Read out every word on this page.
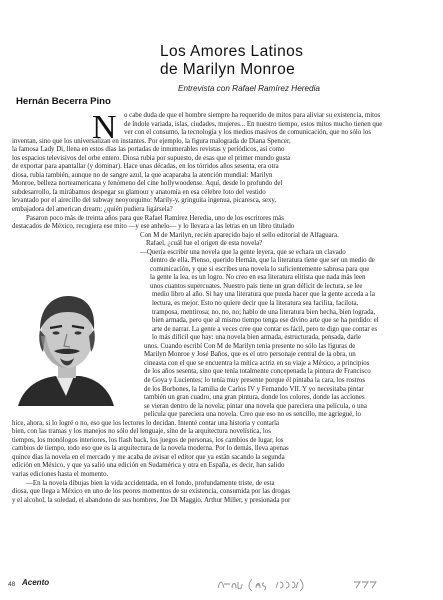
Los Amores Latinos
de Marilyn Monroe
Entrevista con Rafael Ramírez Heredia
Hernán Becerra Pino
N	o cabe duda de que el hombre siempre ha requerido de mitos para aliviar su existencia, mitos
de índole variada, islas, ciudades, mujeres... En nuestro tiempo, estos mitos mucho tienen que
ver con el consumo, la tecnología y los medios masivos de comunicación, que no sólo los
inventan, sino que los universalizan en instantes. Por ejemplo, la figura malograda de Diana Spencer,
la famosa Lady Di, llena en estos días las portadas de innumerables revistas y periódicos, así como
los espacios televisivos del orbe entero. Diosa rubia por supuesto, de esas que el primer mundo gusta
de exportar para apantallar (y dominar). Hace unas décadas, en los tórridos años sesenta, era otra
diosa, rubia también, aunque no de sangre azul, la que acaparaba la atención mundial: Marilyn
Monroe, belleza norteamericana y fenómeno del cine hollywoodense. Aquí, desde lo profundo del
subdesarrollo, la mirábamos despegar su glamour y anatomía en esa célebre foto del vestido
levantado por el airecillo del subway neoyorquino: Marily-y, gringuita ingenua, picaresca, sexy,
embajadora del american dream: ¿quién pudiera ligársela?
Pasaron poco más de treinta años para que Rafael Ramírez Heredia, uno de los escritores más
destacados de México, recogiera ese mito —y ese anhelo— y lo llevara a las letras en un libro titulado
Con M de Marilyn, recién aparecido bajo el sello editorial de Alfaguara.
Rafael, ¿cuál fue el origen de esta novela?
—Quería escribir una novela que la gente leyera, que se echara un clavado
dentro de ella. Pienso, querido Hernán, que la literatura tiene que ser un medio de
comunicación, y que si escribes una novela lo suficientemente sabrosa para que
la gente la lea, es un logro. No creo en esa literatura elitista que nada más leen
unos cuantos supercuates. Nuestro país tiene un gran déficit de lectura, se lee
medio libro al año. Si hay una literatura que pueda hacer que la gente acceda a la
lectura, es mejor. Esto no quiere decir que la literatura sea facilita, facilota,
tramposa, mentirosa; no, no, no; hablo de una literatura bien hecha, bien lograda,
bien armada, pero que al mismo tiempo tenga ese divino arte que se ha perdido: el
arte de narrar. La gente a veces cree que contar es fácil, pero te digo que contar es
lo más difícil que hay: una novela bien armada, estructurada, pensada, darle
unos. Cuando escribí Con M de Marilyn tenía presente no sólo las figuras de
Marilyn Monroe y José Baños, que es el otro personaje central de la obra, un
cineasta con el que se encuentra la mítica actriz en su viaje a México, a principios
de los años sesenta, sino que tenía totalmente concepenada la pintura de Francisco
de Goya y Lucientes; lo tenía muy presente porque él pintaba la cara, los rostros
de los Borbones, la familia de Carlos IV y Fernando VII. Y yo necesitaba pintar
también un gran cuadro, una gran pintura, donde los colores, donde las acciones
se vieran dentro de la novela; pintar una novela que pareciera una película, o una
película que pareciera una novela. Creo que eso no es sencillo, me agriegué, lo
hice, ahora, si lo logré o no, eso que los lectores lo decidan. Intenté contar una historia y contarla
bien, con las tramas y los manejos no sólo del lenguaje, sino de la arquitectura novelística, los
tiempos, los monólogos interiores, los flash back, los juegos de personas, los cambios de lugar, los
cambios de tiempo, todo eso que es la arquitectura de la novela moderna. Por lo demás, lleva apenas
quince días la novela en el mercado y me acaba de avisar el editor que ya están sacando la segunda
edición en México, y que ya salió una edición en Sudamérica y otra en España, es decir, han salido
varias ediciones hasta el momento.
—En la novela dibujas bien la vida accidentada, en el fondo, profundamente triste, de esta
diosa, que llega a México en uno de los peores momentos de su existencia, consumida por las drogas
y el alcohol, la soledad, el abandono de sus hombres, Joe Di Maggio, Arthur Miller, y presionada por
48 Acento
